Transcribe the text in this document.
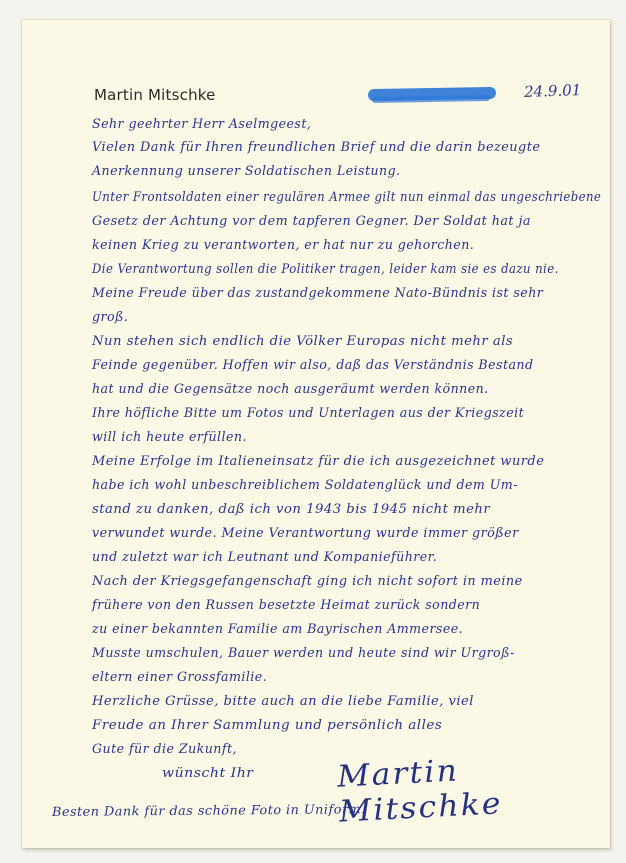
Martin Mitschke	24.9.01
Sehr geehrter Herr Aselmgeest,
Vielen Dank für Ihren freundlichen Brief und die darin bezeugte
Anerkennung unserer Soldatischen Leistung.
Unter Frontsoldaten einer regulären Armee gilt nun einmal das ungeschriebene
Gesetz der Achtung vor dem tapferen Gegner. Der Soldat hat ja
keinen Krieg zu verantworten, er hat nur zu gehorchen.
Die Verantwortung sollen die Politiker tragen, leider kam sie es dazu nie.
Meine Freude über das zustandgekommene Nato-Bündnis ist sehr
groß.
Nun stehen sich endlich die Völker Europas nicht mehr als
Feinde gegenüber. Hoffen wir also, daß das Verständnis Bestand
hat und die Gegensätze noch ausgeräumt werden können.
Ihre höfliche Bitte um Fotos und Unterlagen aus der Kriegszeit
will ich heute erfüllen.
Meine Erfolge im Italieneinsatz für die ich ausgezeichnet wurde
habe ich wohl unbeschreiblichem Soldatenglück und dem Um-
stand zu danken, daß ich von 1943 bis 1945 nicht mehr
verwundet wurde. Meine Verantwortung wurde immer größer
und zuletzt war ich Leutnant und Kompanieführer.
Nach der Kriegsgefangenschaft ging ich nicht sofort in meine
frühere von den Russen besetzte Heimat zurück sondern
zu einer bekannten Familie am Bayrischen Ammersee.
Musste umschulen, Bauer werden und heute sind wir Urgroß-
eltern einer Grossfamilie.
Herzliche Grüsse, bitte auch an die liebe Familie, viel
Freude an Ihrer Sammlung und persönlich alles
Gute für die Zukunft,
wünscht Ihr	Martin Mitschke
Besten Dank für das schöne Foto in Uniform.
